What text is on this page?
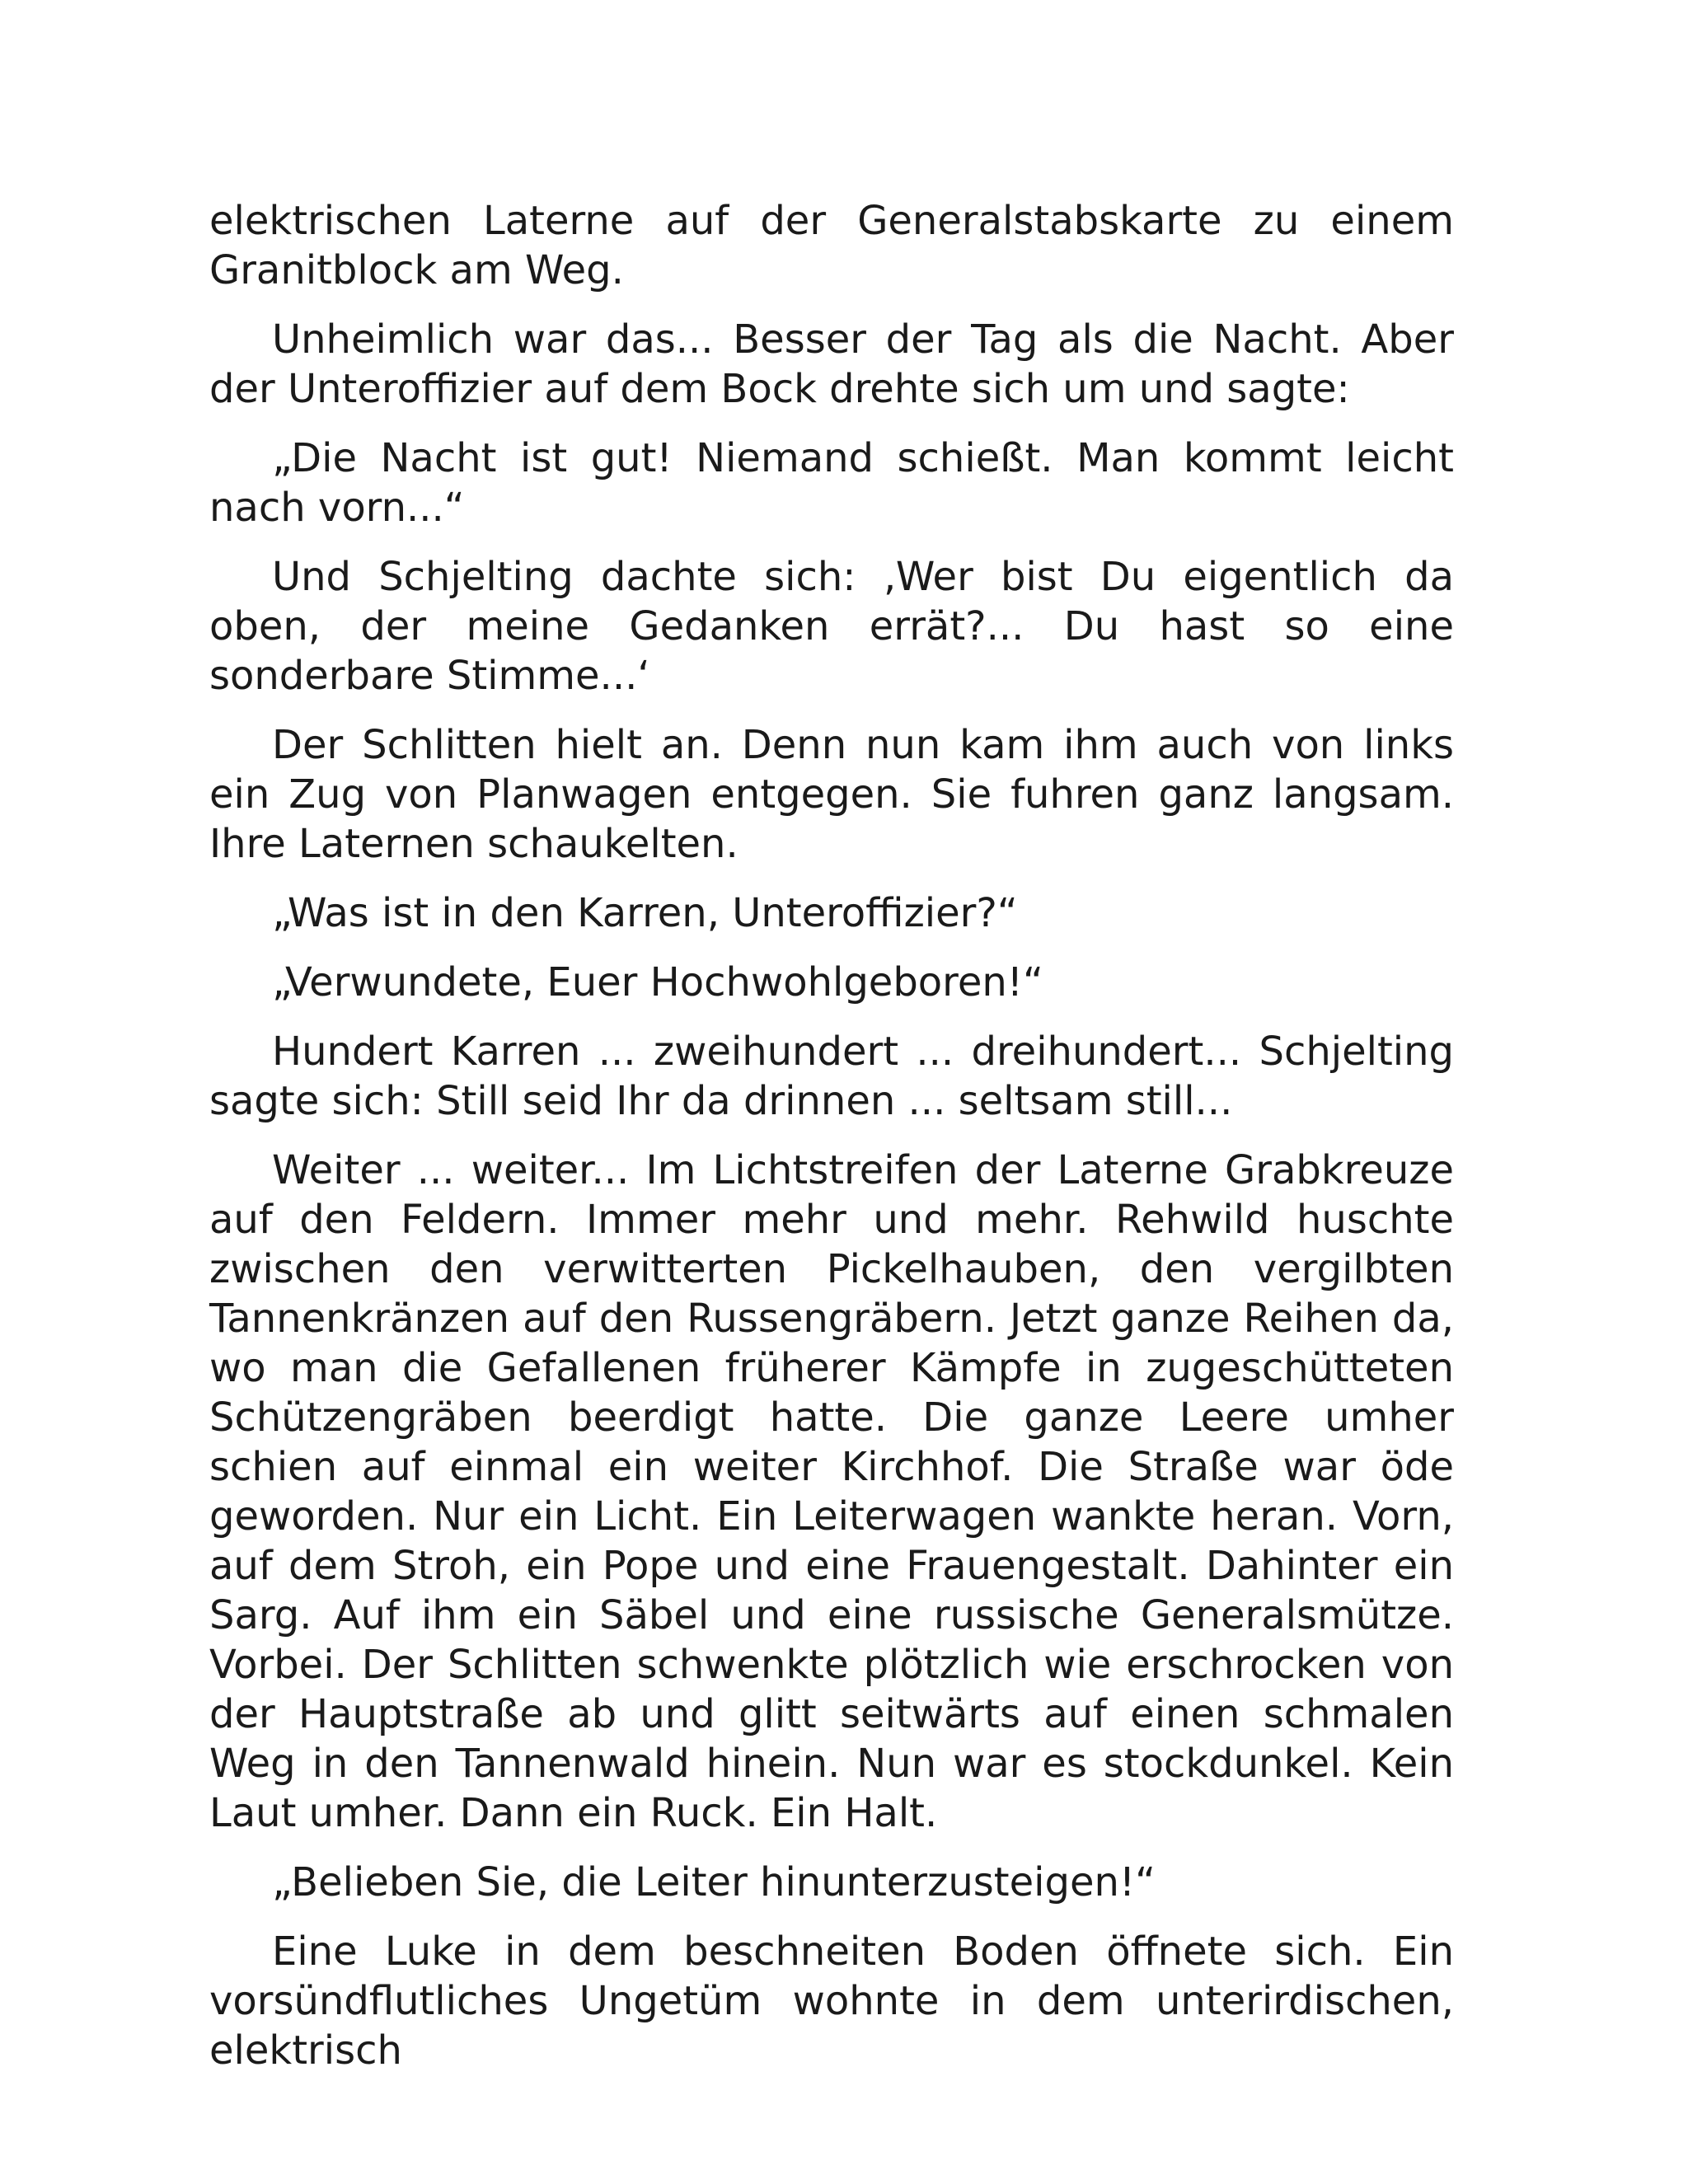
elektrischen Laterne auf der Generalstabskarte zu einem Granitblock am Weg.

Unheimlich war das... Besser der Tag als die Nacht. Aber der Unteroffizier auf dem Bock drehte sich um und sagte:

„Die Nacht ist gut! Niemand schießt. Man kommt leicht nach vorn...“

Und Schjelting dachte sich: ‚Wer bist Du eigentlich da oben, der meine Gedanken errät?... Du hast so eine sonderbare Stimme...‘

Der Schlitten hielt an. Denn nun kam ihm auch von links ein Zug von Planwagen entgegen. Sie fuhren ganz langsam. Ihre Laternen schaukelten.

„Was ist in den Karren, Unteroffizier?“

„Verwundete, Euer Hochwohlgeboren!“

Hundert Karren ... zweihundert ... dreihundert... Schjelting sagte sich: Still seid Ihr da drinnen ... seltsam still...

Weiter ... weiter... Im Lichtstreifen der Laterne Grabkreuze auf den Feldern. Immer mehr und mehr. Rehwild huschte zwischen den verwitterten Pickelhauben, den vergilbten Tannenkränzen auf den Russengräbern. Jetzt ganze Reihen da, wo man die Gefallenen früherer Kämpfe in zugeschütteten Schützengräben beerdigt hatte. Die ganze Leere umher schien auf einmal ein weiter Kirchhof. Die Straße war öde geworden. Nur ein Licht. Ein Leiterwagen wankte heran. Vorn, auf dem Stroh, ein Pope und eine Frauengestalt. Dahinter ein Sarg. Auf ihm ein Säbel und eine russische Generalsmütze. Vorbei. Der Schlitten schwenkte plötzlich wie erschrocken von der Hauptstraße ab und glitt seitwärts auf einen schmalen Weg in den Tannenwald hinein. Nun war es stockdunkel. Kein Laut umher. Dann ein Ruck. Ein Halt.

„Belieben Sie, die Leiter hinunterzusteigen!“

Eine Luke in dem beschneiten Boden öffnete sich. Ein vorsündflutliches Ungetüm wohnte in dem unterirdischen, elektrisch
